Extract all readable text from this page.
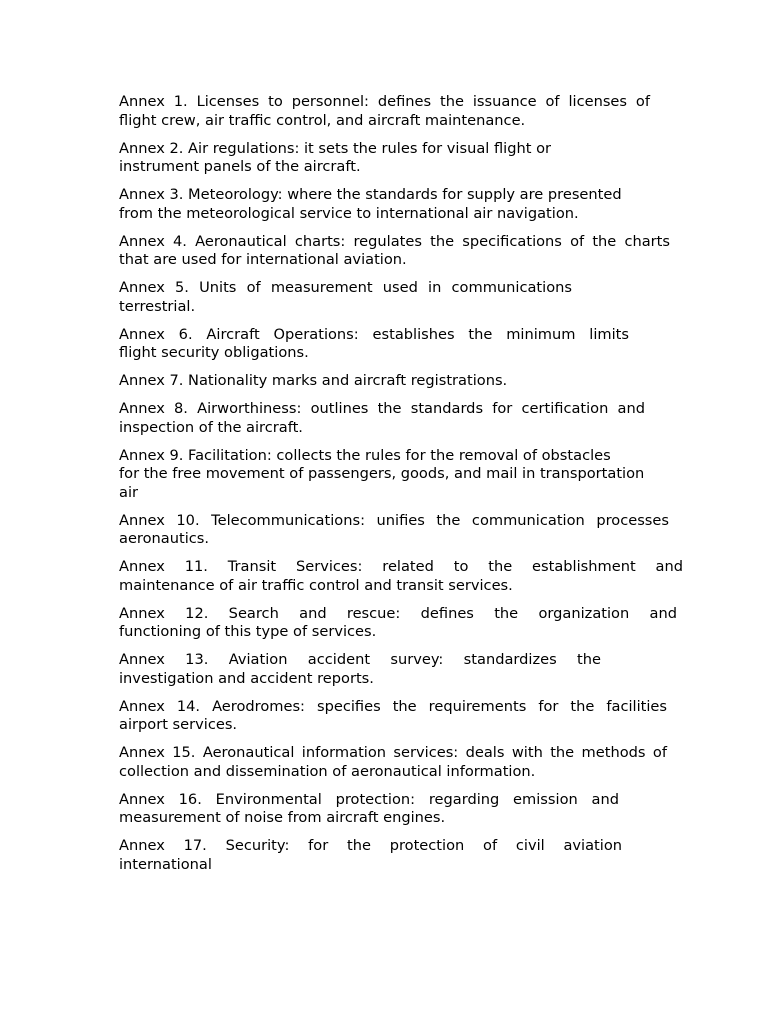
Annex 1. Licenses to personnel: defines the issuance of licenses of
flight crew, air traffic control, and aircraft maintenance.

Annex 2. Air regulations: it sets the rules for visual flight or
instrument panels of the aircraft.

Annex 3. Meteorology: where the standards for supply are presented
from the meteorological service to international air navigation.

Annex 4. Aeronautical charts: regulates the specifications of the charts
that are used for international aviation.

Annex 5. Units of measurement used in communications
terrestrial.

Annex 6. Aircraft Operations: establishes the minimum limits
flight security obligations.

Annex 7. Nationality marks and aircraft registrations.

Annex 8. Airworthiness: outlines the standards for certification and
inspection of the aircraft.

Annex 9. Facilitation: collects the rules for the removal of obstacles
for the free movement of passengers, goods, and mail in transportation
air

Annex 10. Telecommunications: unifies the communication processes
aeronautics.

Annex 11. Transit Services: related to the establishment and
maintenance of air traffic control and transit services.

Annex 12. Search and rescue: defines the organization and
functioning of this type of services.

Annex 13. Aviation accident survey: standardizes the
investigation and accident reports.

Annex 14. Aerodromes: specifies the requirements for the facilities
airport services.

Annex 15. Aeronautical information services: deals with the methods of
collection and dissemination of aeronautical information.

Annex 16. Environmental protection: regarding emission and
measurement of noise from aircraft engines.

Annex 17. Security: for the protection of civil aviation
international
